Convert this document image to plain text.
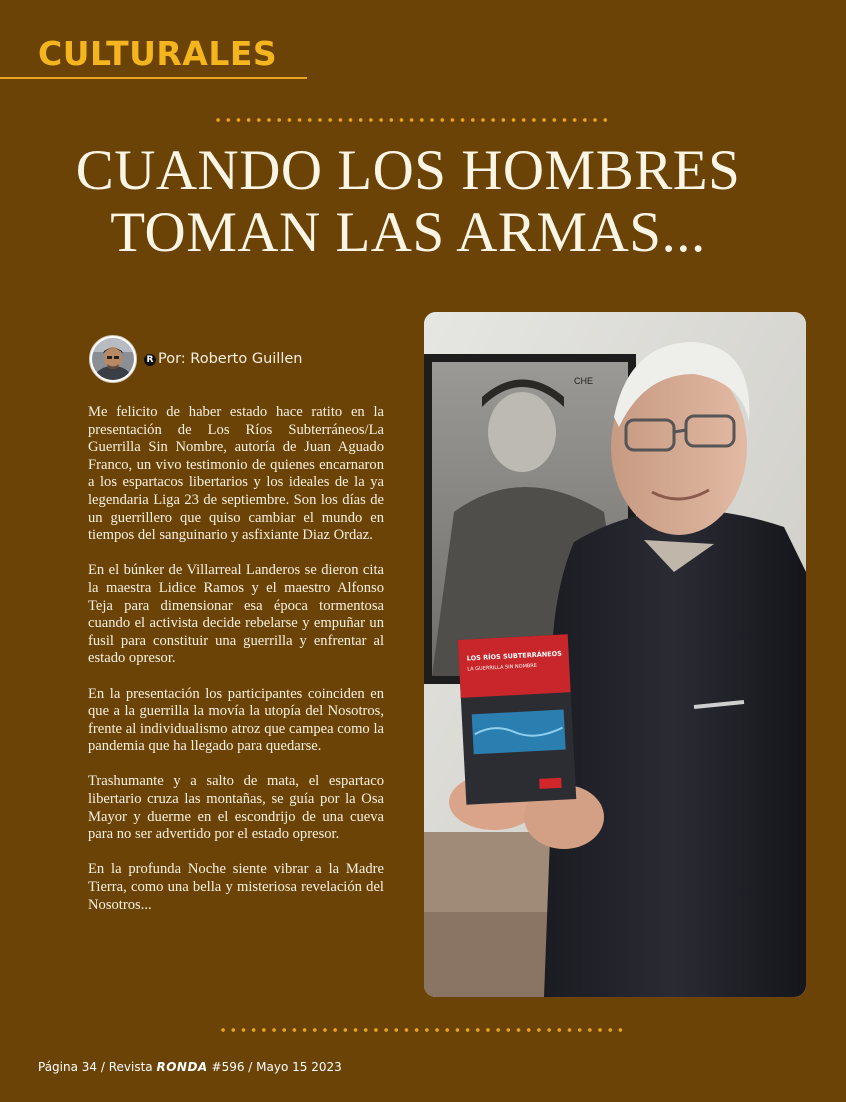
CULTURALES
CUANDO LOS HOMBRES
TOMAN LAS ARMAS...
R Por: Roberto Guillen

Me felicito de haber estado hace ratito en la presentación de Los Ríos Subterráneos/La Guerrilla Sin Nombre, autoría de Juan Aguado Franco, un vivo testimonio de quienes encarnaron a los espartacos libertarios y los ideales de la ya legendaria Liga 23 de septiembre. Son los días de un guerrillero que quiso cambiar el mundo en tiempos del sanguinario y asfixiante Diaz Ordaz.

En el búnker de Villarreal Landeros se dieron cita la maestra Lidice Ramos y el maestro Alfonso Teja para dimensionar esa época tormentosa cuando el activista decide rebelarse y empuñar un fusil para constituir una guerrilla y enfrentar al estado opresor.

En la presentación los participantes coinciden en que a la guerrilla la movía la utopía del Nosotros, frente al individualismo atroz que campea como la pandemia que ha llegado para quedarse.

Trashumante y a salto de mata, el espartaco libertario cruza las montañas, se guía por la Osa Mayor y duerme en el escondrijo de una cueva para no ser advertido por el estado opresor.

En la profunda Noche siente vibrar a la Madre Tierra, como una bella y misteriosa revelación del Nosotros...

CHE
LOS RÍOS SUBTERRÁNEOS
LA GUERRILLA SIN NOMBRE
Página 34 / Revista RONDA #596 / Mayo 15 2023
